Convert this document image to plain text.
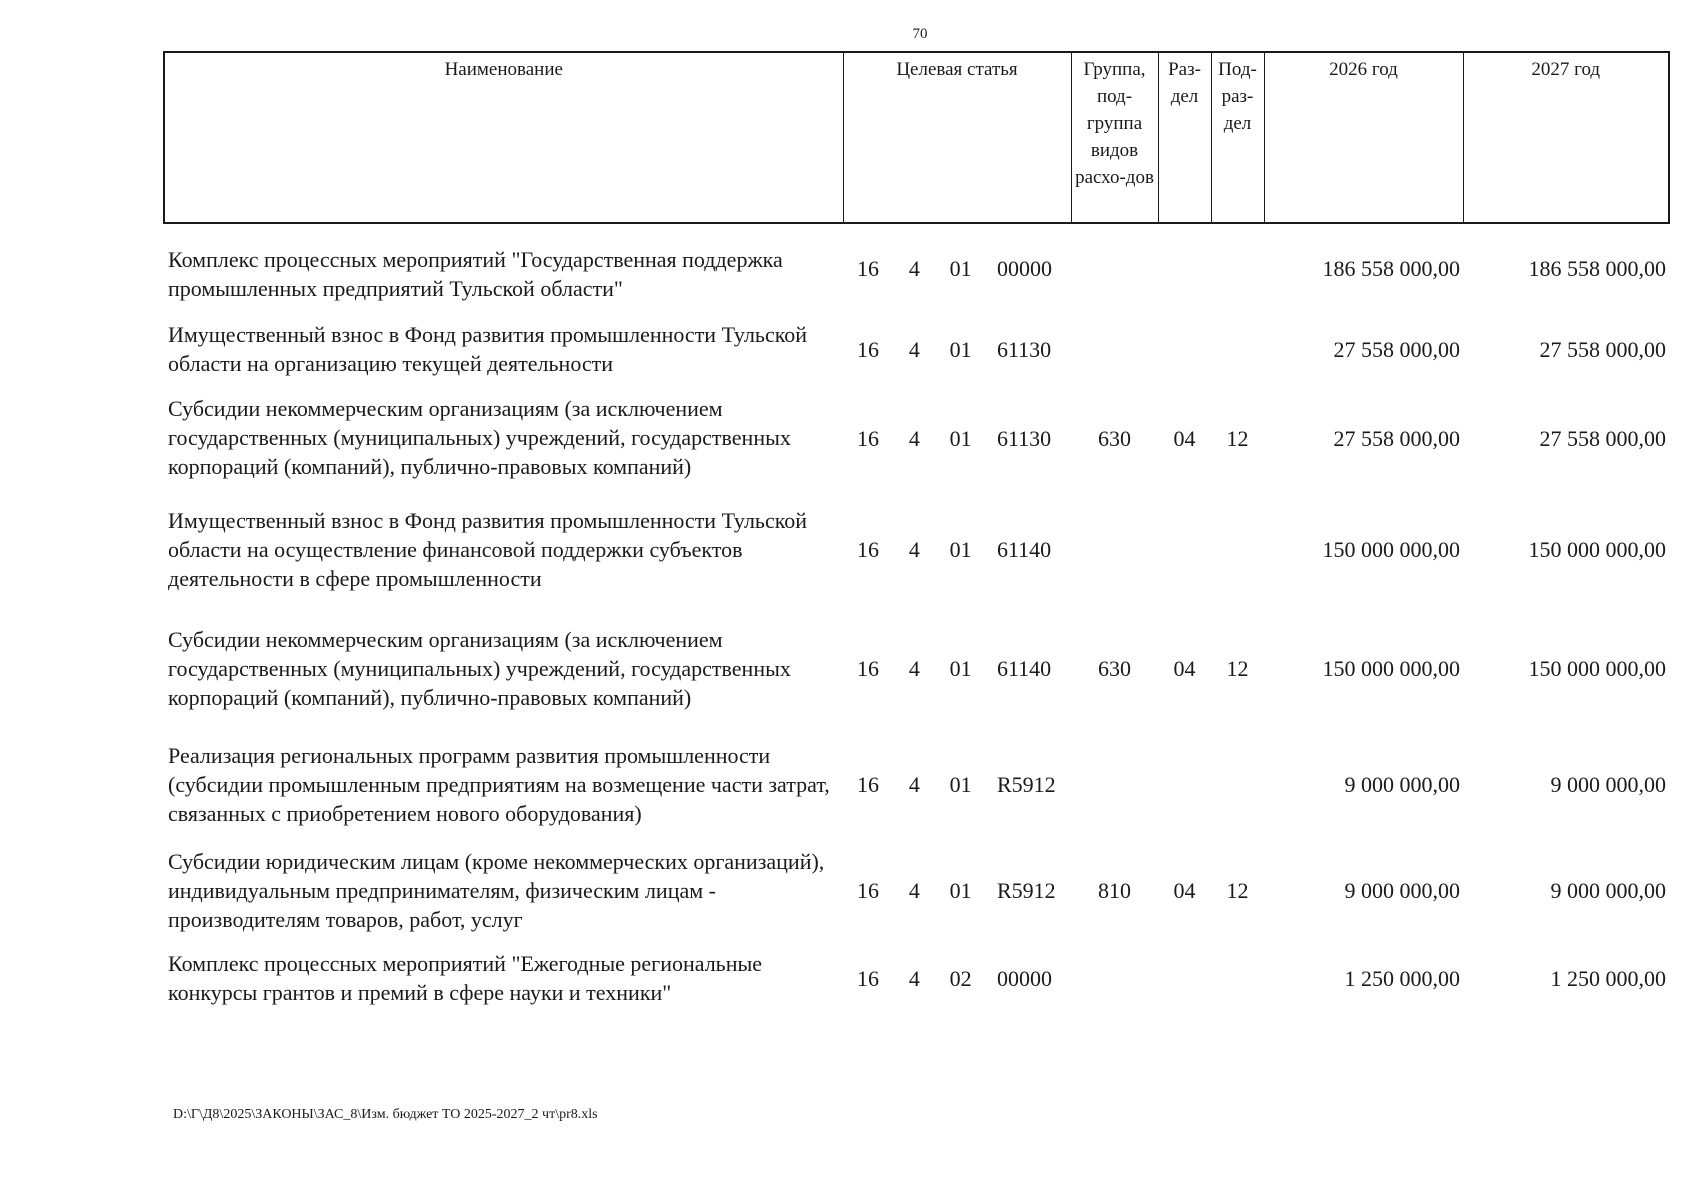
70
Наименование	Целевая статья	Группа, под-группа видов расхо-дов	Раз-дел	Под-раз-дел	2026 год	2027 год
Комплекс процессных мероприятий "Государственная поддержка промышленных предприятий Тульской области"	16 4 01 00000				186 558 000,00	186 558 000,00
Имущественный взнос в Фонд развития промышленности Тульской области на организацию текущей деятельности	16 4 01 61130				27 558 000,00	27 558 000,00
Субсидии некоммерческим организациям (за исключением государственных (муниципальных) учреждений, государственных корпораций (компаний), публично-правовых компаний)	16 4 01 61130	630	04	12	27 558 000,00	27 558 000,00
Имущественный взнос в Фонд развития промышленности Тульской области на осуществление финансовой поддержки субъектов деятельности в сфере промышленности	16 4 01 61140				150 000 000,00	150 000 000,00
Субсидии некоммерческим организациям (за исключением государственных (муниципальных) учреждений, государственных корпораций (компаний), публично-правовых компаний)	16 4 01 61140	630	04	12	150 000 000,00	150 000 000,00
Реализация региональных программ развития промышленности (субсидии промышленным предприятиям на возмещение части затрат, связанных с приобретением нового оборудования)	16 4 01 R5912				9 000 000,00	9 000 000,00
Субсидии юридическим лицам (кроме некоммерческих организаций), индивидуальным предпринимателям, физическим лицам - производителям товаров, работ, услуг	16 4 01 R5912	810	04	12	9 000 000,00	9 000 000,00
Комплекс процессных мероприятий "Ежегодные региональные конкурсы грантов и премий в сфере науки и техники"	16 4 02 00000				1 250 000,00	1 250 000,00
D:\Г\Д8\2025\ЗАКОНЫ\ЗАС_8\Изм. бюджет ТО 2025-2027_2 чт\pr8.xls
